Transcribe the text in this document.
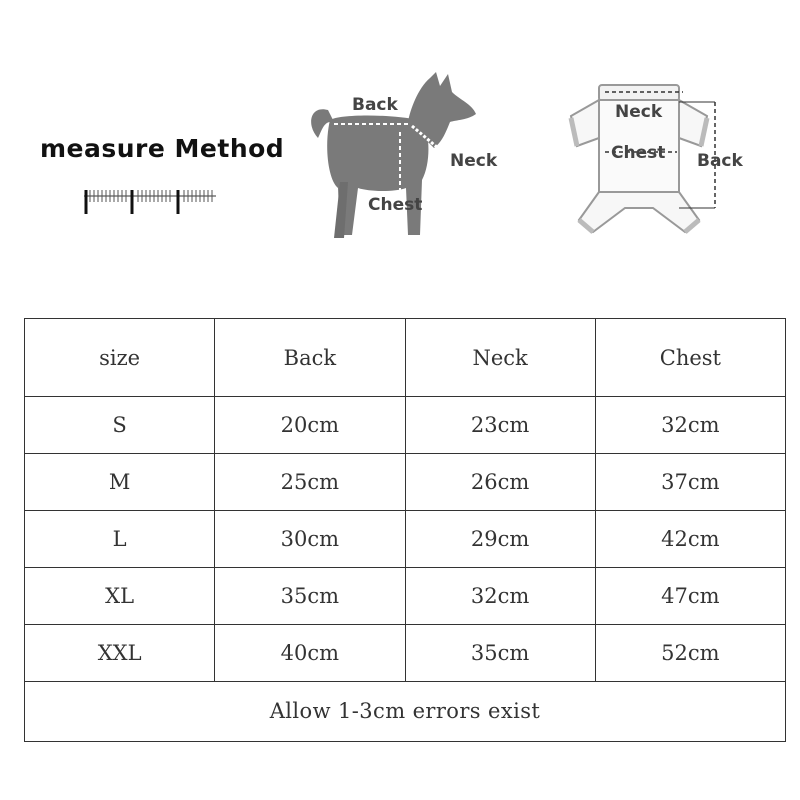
measure Method
Back
Neck
Chest
Neck
Chest Back
size	Back	Neck	Chest
S	20cm	23cm	32cm
M	25cm	26cm	37cm
L	30cm	29cm	42cm
XL	35cm	32cm	47cm
XXL	40cm	35cm	52cm
Allow 1-3cm errors exist			
